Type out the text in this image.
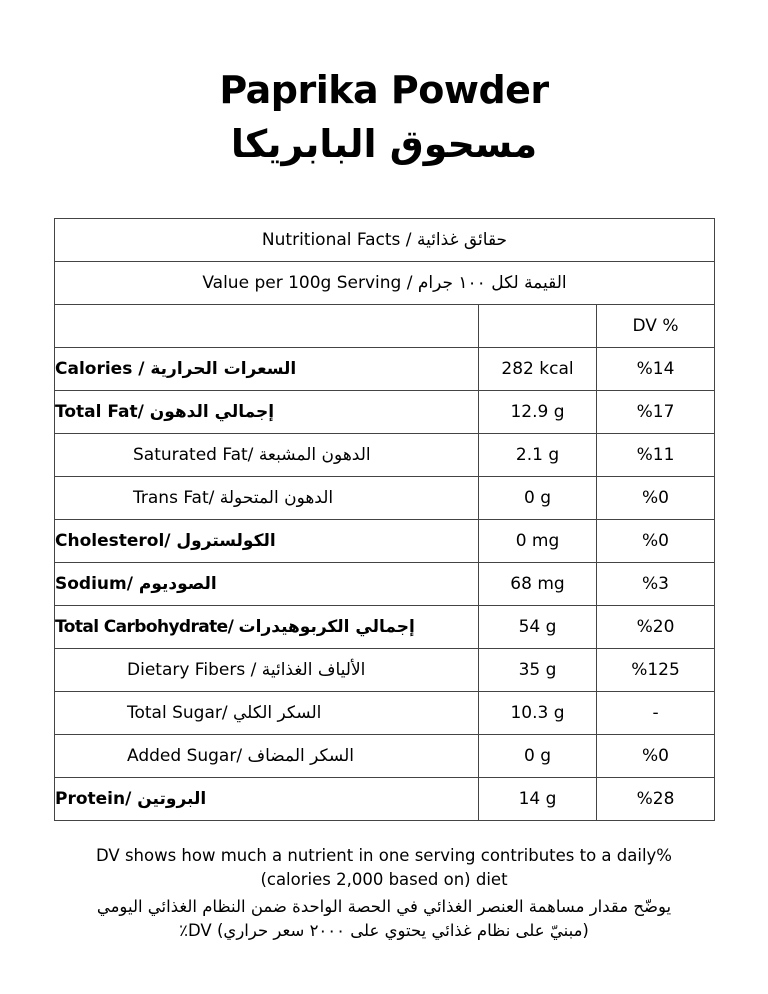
Paprika Powder
مسحوق البابريكا
Nutritional Facts / حقائق غذائية		
Value per 100g Serving / القيمة لكل ١٠٠ جرام		
		DV %
Calories / السعرات الحرارية	282 kcal	%14
Total Fat/ إجمالي الدهون	12.9 g	%17
Saturated Fat/ الدهون المشبعة	2.1 g	%11
Trans Fat/ الدهون المتحولة	0 g	%0
Cholesterol/ الكولسترول	0 mg	%0
Sodium/ الصوديوم	68 mg	%3
Total Carbohydrate/ إجمالي الكربوهيدرات	54 g	%20
Dietary Fibers / الألياف الغذائية	35 g	%125
Total Sugar/ السكر الكلي	10.3 g	-
Added Sugar/ السكر المضاف	0 g	%0
Protein/ البروتين	14 g	%28
DV shows how much a nutrient in one serving contributes to a daily%
(calories 2,000 based on) diet
يوضّح مقدار مساهمة العنصر الغذائي في الحصة الواحدة ضمن النظام الغذائي اليومي
(مبنيّ على نظام غذائي يحتوي على ٢٠٠٠ سعر حراري) DV٪
